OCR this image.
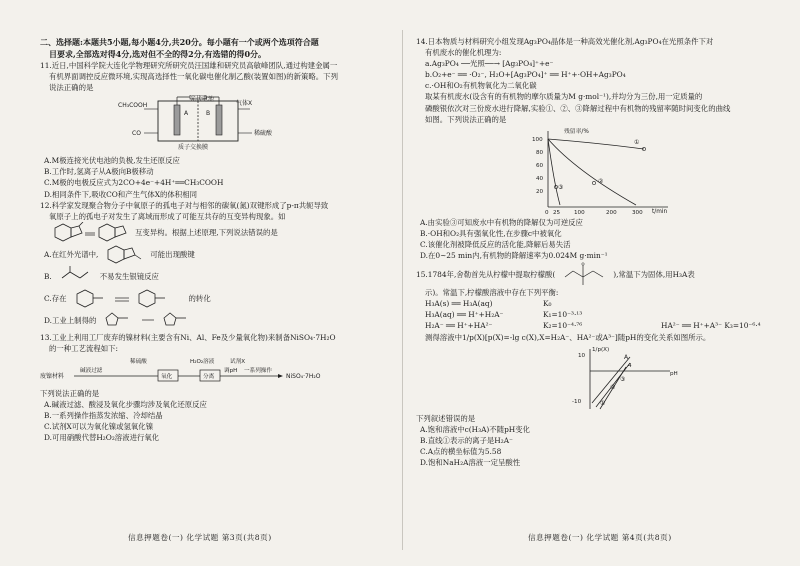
二、选择题:本题共5小题,每小题4分,共20分。每小题有一个或两个选项符合题
目要求,全部选对得4分,选对但不全的得2分,有选错的得0分。
11.近日,中国科学院大连化学物理研究所研究员汪国雄和研究员高敏峰团队,通过构建金属一
有机界面调控反应微环境,实现高选择性一氧化碳电催化制乙酸(装置如图)的新策略。下列
说法正确的是
光伏电池
CH₃COOH	气体X
稀硫酸
CO
质子交换膜
A	B
A.M极连接光伏电池的负极,发生还原反应
B.工作时,氢离子从A极向B极移动
C.M极的电极反应式为2CO+4e⁻+4H⁺══CH₃COOH
D.相同条件下,吸收CO和产生气体X的体积相同
12.科学家发现聚合物分子中氧原子的孤电子对与相邻的碳氧(氮)双键形成了p-π共轭导致
氧原子上的孤电子对发生了离域而形成了可能互共存的互变异构现象。如
互变异构。根据上述原理,下列说法错误的是
A.在红外光谱中,	可能出现酸键
B.	不易发生银镜反应
C.存在	的转化
D.工业上制得的
13.工业上利用工厂废弃的镍材料(主要含有Ni、Al、Fe及少量氧化物)来制备NiSO₄·7H₂O
的一种工艺流程如下:
稀硫酸	H₂O₂溶液	试剂X
废镍材料
碱液过滤
氧化	分离
调pH 一系列操作
NiSO₄·7H₂O
下列说法正确的是
A.碱液过滤、酸浸及氧化步骤均涉及氧化还原反应
B.一系列操作指蒸发浓缩、冷却结晶
C.试剂X可以为氧化镍或氢氧化镍
D.可用硝酸代替H₂O₂溶液进行氧化
信息押题卷(一) 化学试题 第3页(共8页)
14.日本物质与材料研究小组发现Ag₃PO₄晶体是一种高效光催化剂,Ag₃PO₄在光照条件下对
有机废水的催化机理为:
a.Ag₃PO₄ ──光照──→ [Ag₃PO₄]⁺+e⁻
b.O₂+e⁻ ══ ·O₂⁻, H₂O+[Ag₃PO₄]⁺ ══ H⁺+·OH+Ag₃PO₄
c.·OH和O₂有机物氧化为二氧化碳
取某有机废水(设含有的有机物的摩尔质量为M g·mol⁻¹),并均分为三份,用一定质量的
磷酸银依次对三份废水进行降解,实验①、②、③降解过程中有机物的残留率随时间变化的曲线
如图。下列说法正确的是
残留率/%
t/min
100
80
60
40
20
0 25 100	200	300
①
②
③
A.由实验③可知废水中有机物的降解仅为可逆反应
B.·OH和O₂具有强氧化性,在步骤c中被氧化
C.该催化剂被降低反应的活化能,降解后易失活
D.在0~25 min内,有机物的降解速率为0.024M g·min⁻¹
15.1784年,舍勒首先从柠檬中提取柠檬酸(	),常温下为固体,用H₃A表
示)。常温下,柠檬酸溶液中存在下列平衡:
H₃A(s) ══ H₃A(aq)	K₀
H₃A(aq) ══ H⁺+H₂A⁻	K₁=10⁻³·¹³
H₂A⁻ ══ H⁺+HA²⁻	K₂=10⁻⁴·⁷⁶	HA²⁻ ══ H⁺+A³⁻ K₃=10⁻⁶·⁴
测得溶液中1/p(X)[p(X)=-lg c(X),X=H₂A⁻、HA²⁻或A³⁻]随pH的变化关系如图所示。
1/p(X)
pH
4
10
-10
A
①
②
③
下列叙述错误的是
A.饱和溶液中c(H₃A)不随pH变化
B.直线①表示的离子是H₂A⁻
C.A点的横坐标值为5.58
D.饱和NaH₂A溶液一定呈酸性
信息押题卷(一) 化学试题 第4页(共8页)
